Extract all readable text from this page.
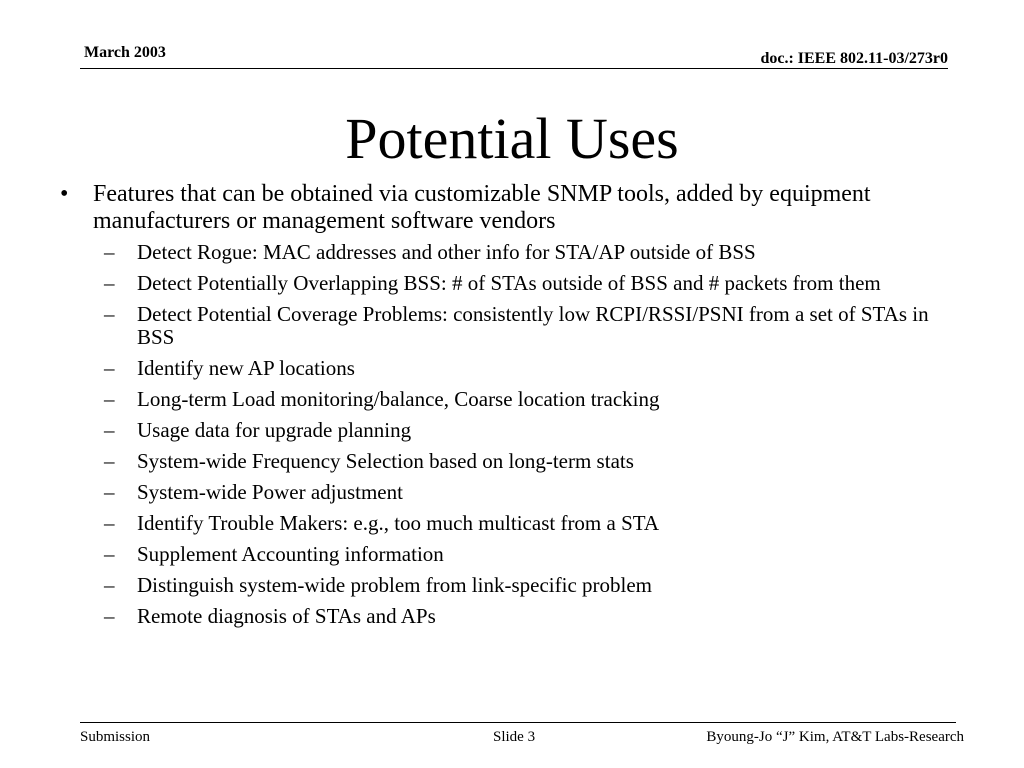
March 2003	doc.: IEEE 802.11-03/273r0
Potential Uses
• Features that can be obtained via customizable SNMP tools, added by equipment manufacturers or management software vendors
– Detect Rogue: MAC addresses and other info for STA/AP outside of BSS
– Detect Potentially Overlapping BSS: # of STAs outside of BSS and # packets from them
– Detect Potential Coverage Problems: consistently low RCPI/RSSI/PSNI from a set of STAs in BSS
– Identify new AP locations
– Long-term Load monitoring/balance, Coarse location tracking
– Usage data for upgrade planning
– System-wide Frequency Selection based on long-term stats
– System-wide Power adjustment
– Identify Trouble Makers: e.g., too much multicast from a STA
– Supplement Accounting information
– Distinguish system-wide problem from link-specific problem
– Remote diagnosis of STAs and APs
Submission	Slide 3	Byoung-Jo “J” Kim, AT&T Labs-Research
